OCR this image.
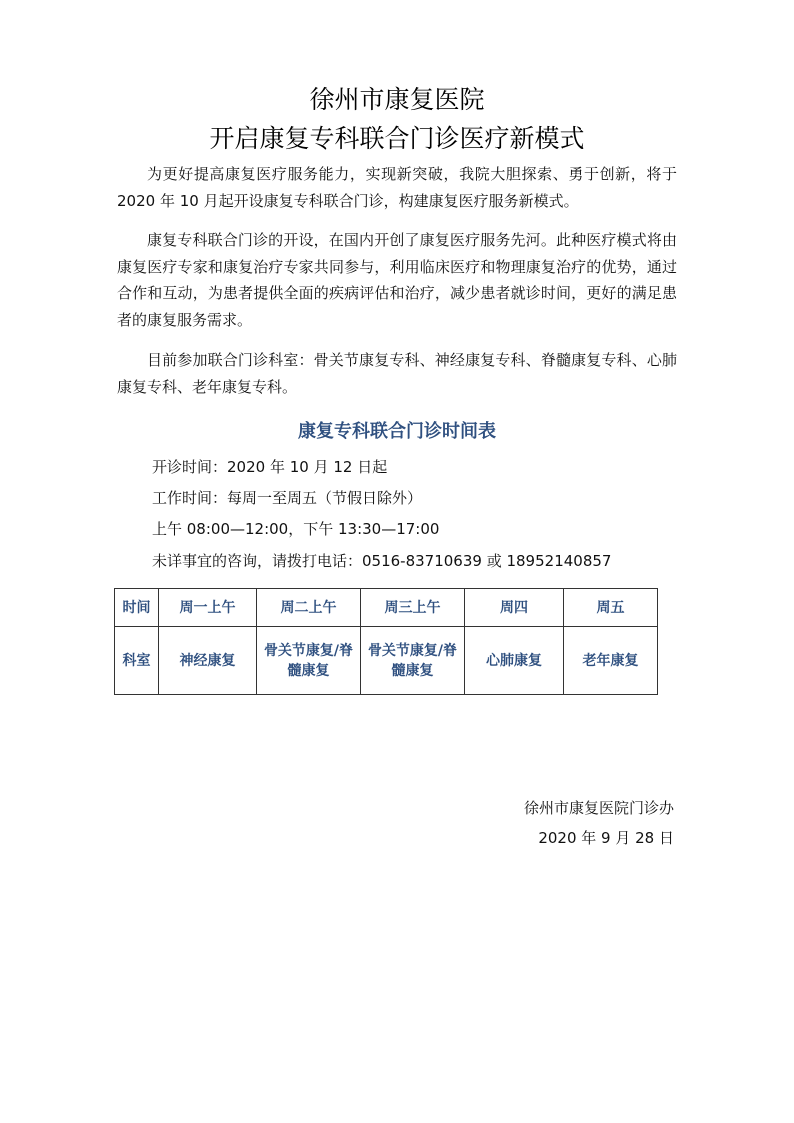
徐州市康复医院
开启康复专科联合门诊医疗新模式

为更好提高康复医疗服务能力，实现新突破，我院大胆探索、勇于创新，将于 2020 年 10 月起开设康复专科联合门诊，构建康复医疗服务新模式。

康复专科联合门诊的开设，在国内开创了康复医疗服务先河。此种医疗模式将由康复医疗专家和康复治疗专家共同参与，利用临床医疗和物理康复治疗的优势，通过合作和互动，为患者提供全面的疾病评估和治疗，减少患者就诊时间，更好的满足患者的康复服务需求。

目前参加联合门诊科室：骨关节康复专科、神经康复专科、脊髓康复专科、心肺康复专科、老年康复专科。

康复专科联合门诊时间表

开诊时间：2020 年 10 月 12 日起

工作时间：每周一至周五（节假日除外）

上午 08:00—12:00，下午 13:30—17:00

未详事宜的咨询，请拨打电话：0516-83710639 或 18952140857

时间	周一上午	周二上午	周三上午	周四	周五
科室	神经康复	骨关节康复/脊髓康复	骨关节康复/脊髓康复	心肺康复	老年康复

徐州市康复医院门诊办

2020 年 9 月 28 日
